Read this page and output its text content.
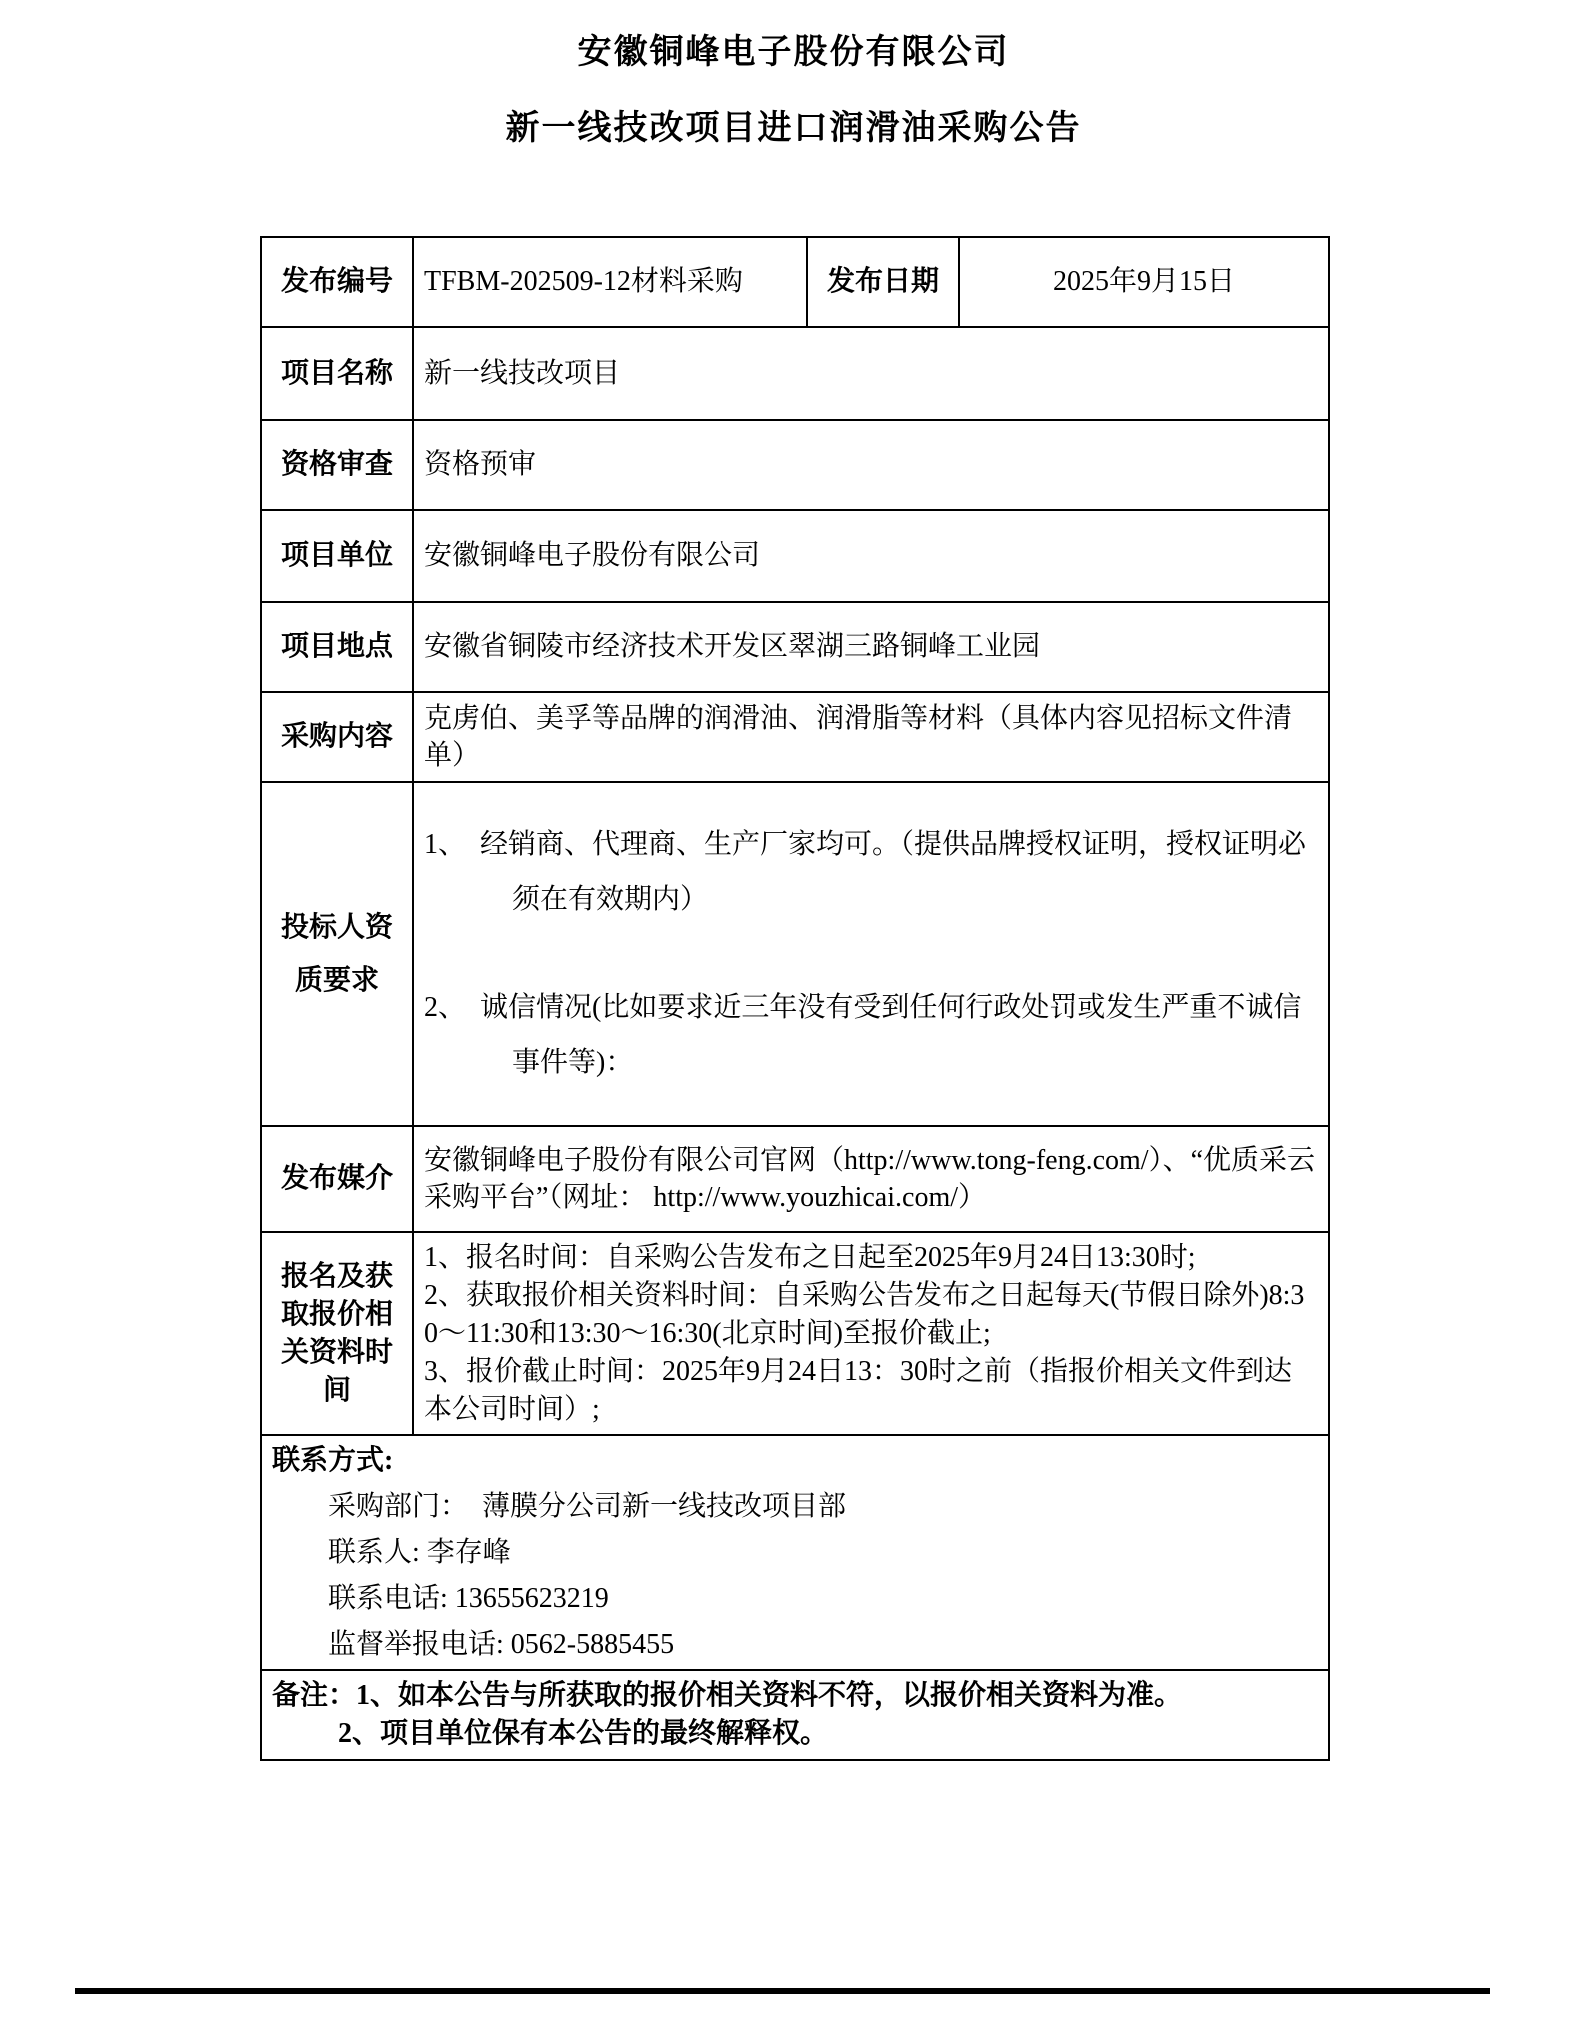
安徽铜峰电子股份有限公司
新一线技改项目进口润滑油采购公告
发布编号	TFBM-202509-12材料采购	发布日期	2025年9月15日
项目名称	新一线技改项目		
资格审查	资格预审		
项目单位	安徽铜峰电子股份有限公司		
项目地点	安徽省铜陵市经济技术开发区翠湖三路铜峰工业园		
采购内容	克虏伯、美孚等品牌的润滑油、润滑脂等材料（具体内容见招标文件清单）		

投标人资质要求	1、　经销商、代理商、生产厂家均可。（提供品牌授权证明，授权证明必须在有效期内）
2、　诚信情况(比如要求近三年没有受到任何行政处罚或发生严重不诚信事件等)：		

发布媒介	安徽铜峰电子股份有限公司官网（http://www.tong-feng.com/）、“优质采云采购平台”（网址： http://www.youzhicai.com/）		

报名及获取报价相关资料时间	1、报名时间：自采购公告发布之日起至2025年9月24日13:30时;
2、获取报价相关资料时间：自采购公告发布之日起每天(节假日除外)8:30～11:30和13:30～16:30(北京时间)至报价截止;
3、报价截止时间：2025年9月24日13：30时之前（指报价相关文件到达本公司时间）;		

联系方式:
采购部门：　薄膜分公司新一线技改项目部
联系人: 李存峰
联系电话: 13655623219
监督举报电话: 0562-5885455			

备注：1、如本公告与所获取的报价相关资料不符，以报价相关资料为准。
2、项目单位保有本公告的最终解释权。			
